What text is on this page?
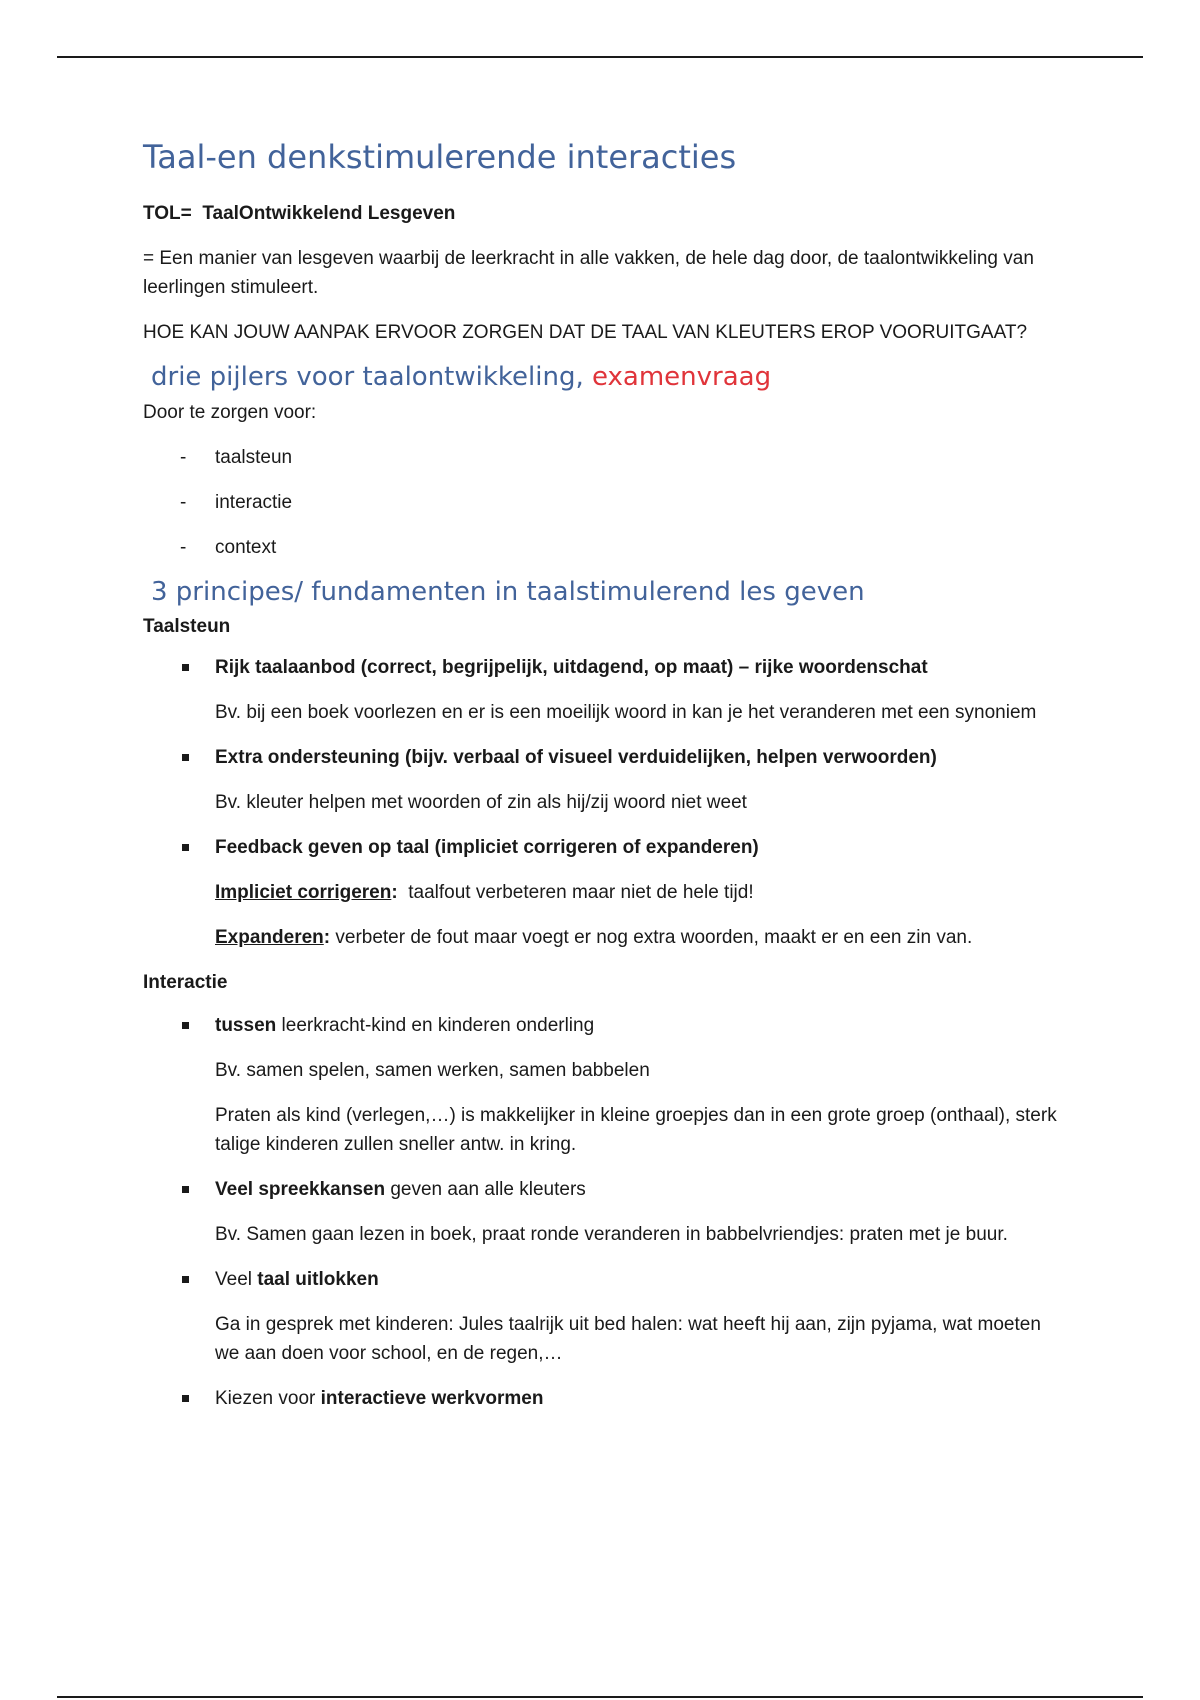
Taal-en denkstimulerende interacties

TOL= TaalOntwikkelend Lesgeven

= Een manier van lesgeven waarbij de leerkracht in alle vakken, de hele dag door, de taalontwikkeling van leerlingen stimuleert.

HOE KAN JOUW AANPAK ERVOOR ZORGEN DAT DE TAAL VAN KLEUTERS EROP VOORUITGAAT?

drie pijlers voor taalontwikkeling, examenvraag

Door te zorgen voor:

- taalsteun
- interactie
- context
3 principes/ fundamenten in taalstimulerend les geven
Taalsteun
Rijk taalaanbod (correct, begrijpelijk, uitdagend, op maat) – rijke woordenschat
Bv. bij een boek voorlezen en er is een moeilijk woord in kan je het veranderen met een synoniem
Extra ondersteuning (bijv. verbaal of visueel verduidelijken, helpen verwoorden)
Bv. kleuter helpen met woorden of zin als hij/zij woord niet weet
Feedback geven op taal (impliciet corrigeren of expanderen)
Impliciet corrigeren: taalfout verbeteren maar niet de hele tijd!
Expanderen: verbeter de fout maar voegt er nog extra woorden, maakt er en een zin van.
Interactie
tussen leerkracht-kind en kinderen onderling
Bv. samen spelen, samen werken, samen babbelen
Praten als kind (verlegen,…) is makkelijker in kleine groepjes dan in een grote groep (onthaal), sterk talige kinderen zullen sneller antw. in kring.
Veel spreekkansen geven aan alle kleuters
Bv. Samen gaan lezen in boek, praat ronde veranderen in babbelvriendjes: praten met je buur.
Veel taal uitlokken
Ga in gesprek met kinderen: Jules taalrijk uit bed halen: wat heeft hij aan, zijn pyjama, wat moeten we aan doen voor school, en de regen,…
Kiezen voor interactieve werkvormen
